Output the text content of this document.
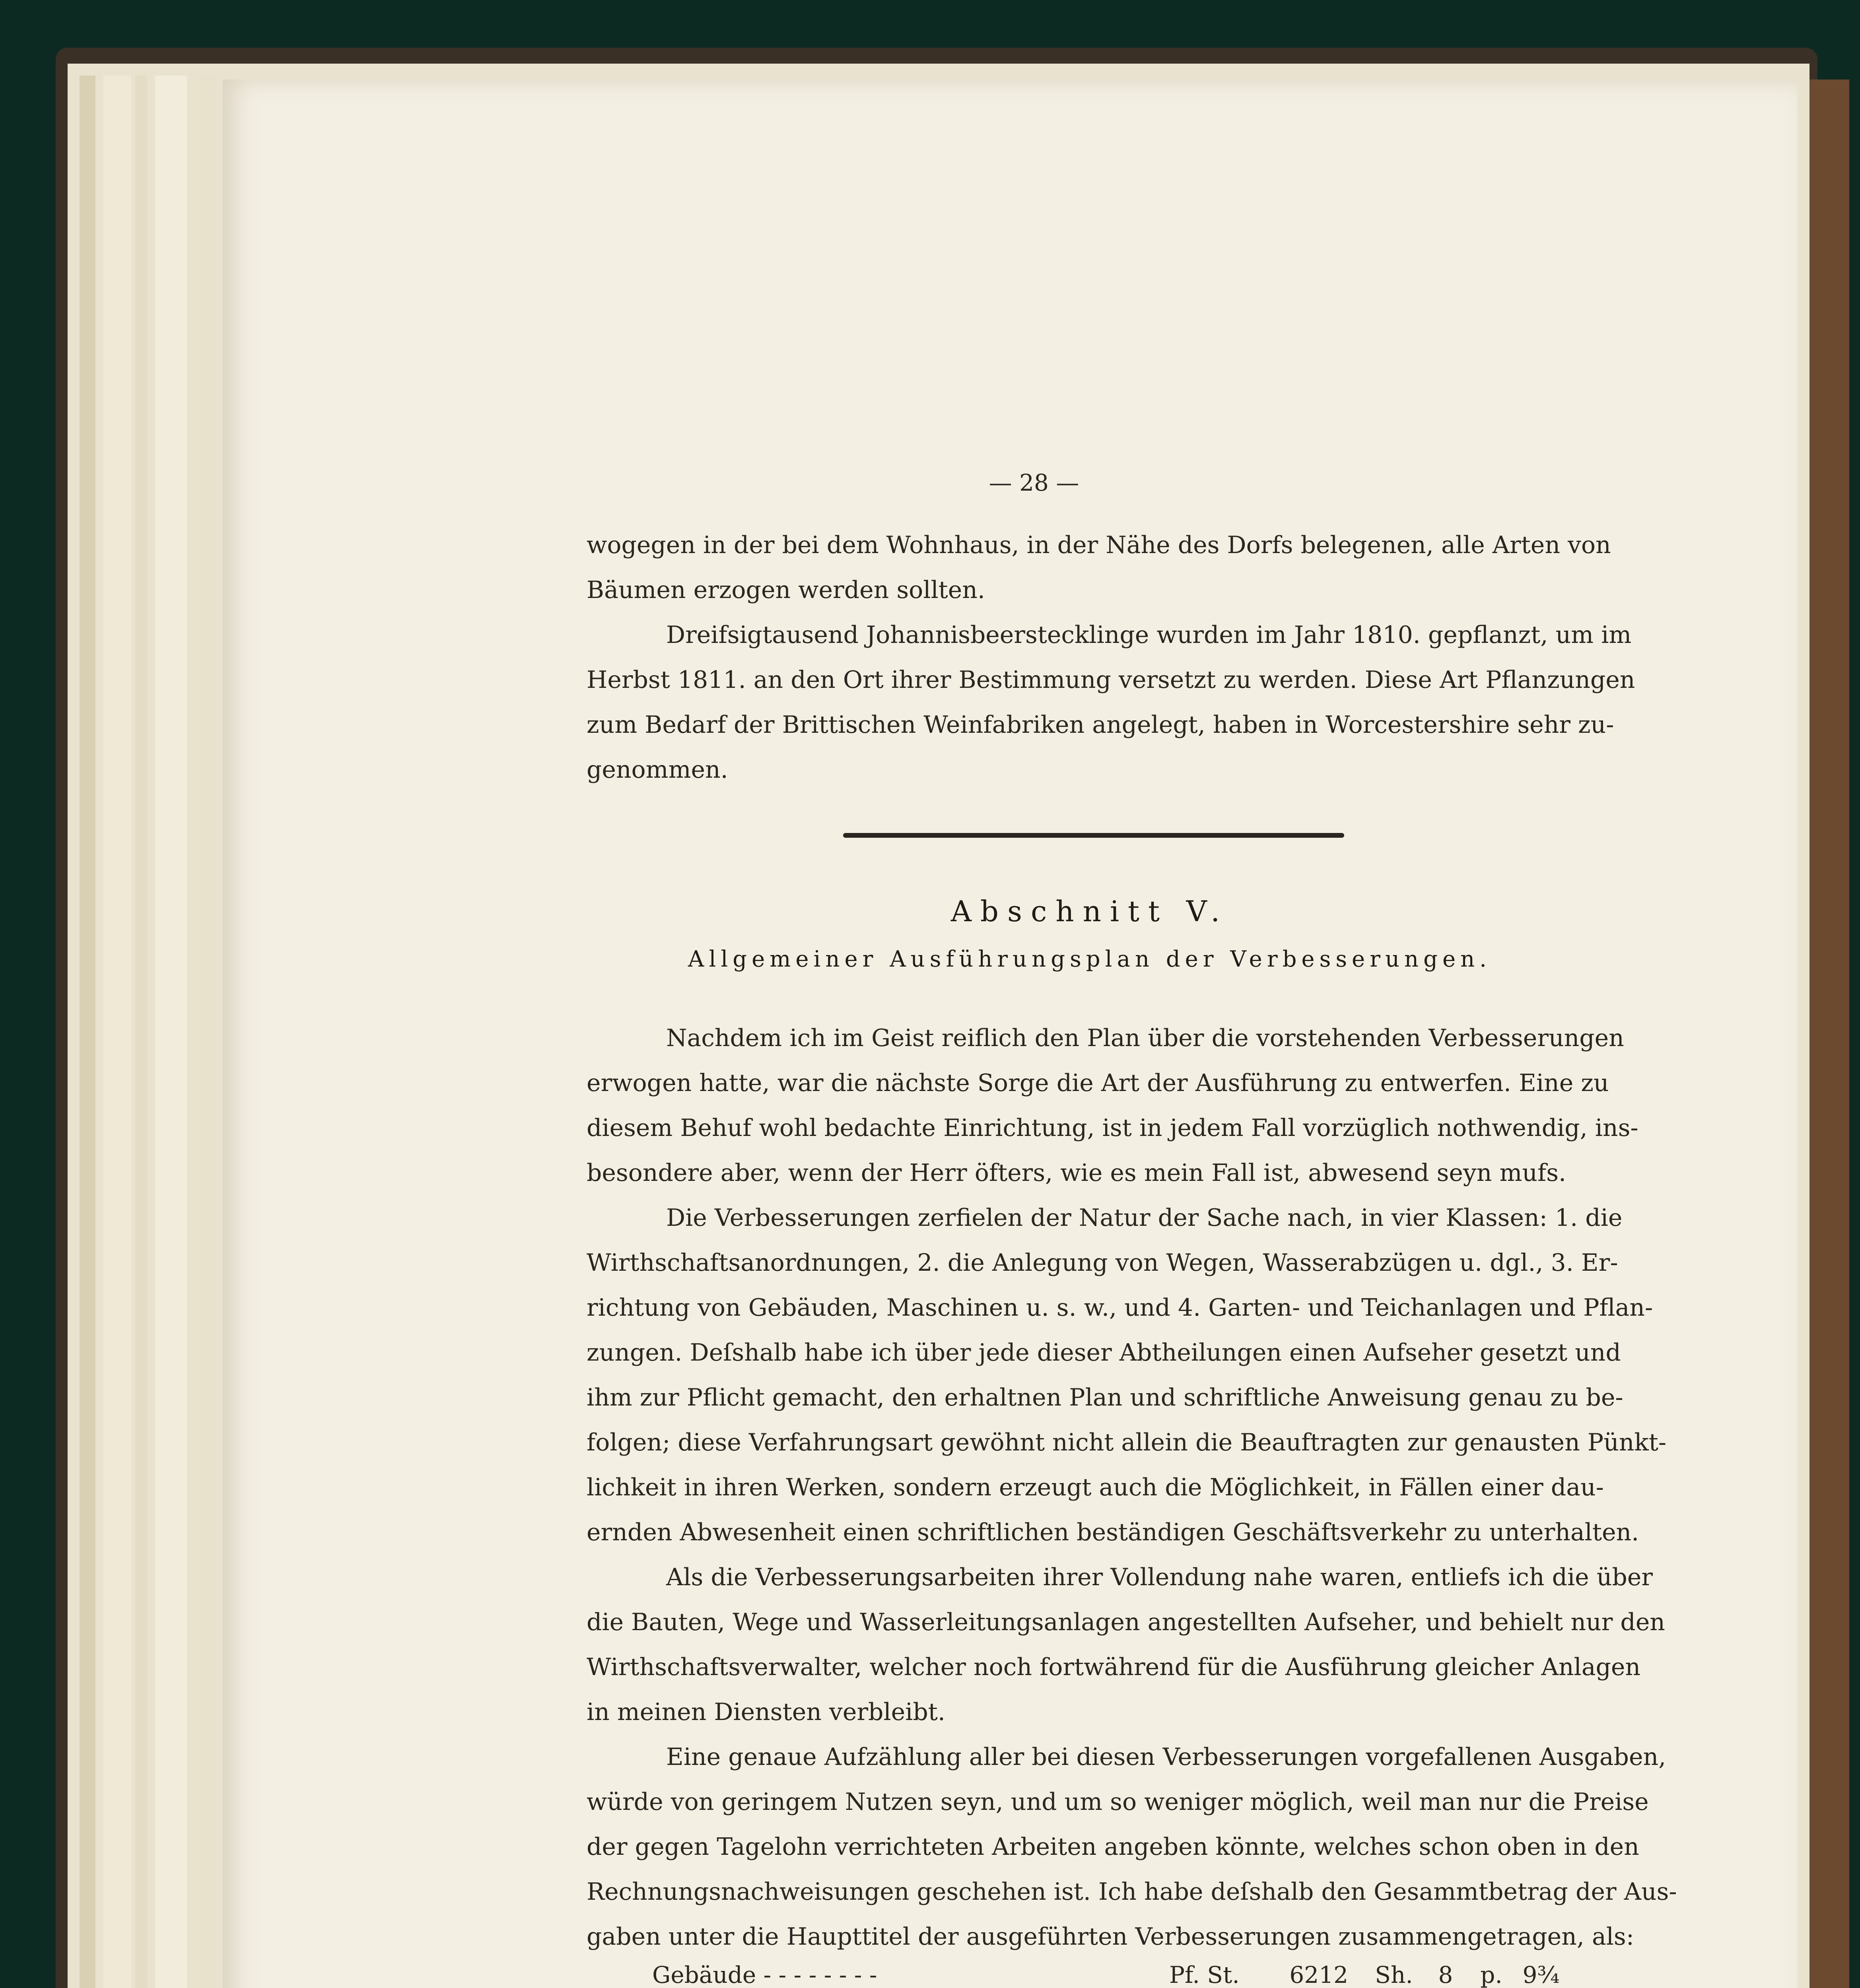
— 28 —

wogegen in der bei dem Wohnhaus, in der Nähe des Dorfs belegenen, alle Arten von

Bäumen erzogen werden sollten.

Dreifsigtausend Johannisbeerstecklinge wurden im Jahr 1810. gepflanzt, um im

Herbst 1811. an den Ort ihrer Bestimmung versetzt zu werden. Diese Art Pflanzungen

zum Bedarf der Brittischen Weinfabriken angelegt, haben in Worcestershire sehr zu-

genommen.

Abschnitt V.
Allgemeiner Ausführungsplan der Verbesserungen.

Nachdem ich im Geist reiflich den Plan über die vorstehenden Verbesserungen

erwogen hatte, war die nächste Sorge die Art der Ausführung zu entwerfen. Eine zu

diesem Behuf wohl bedachte Einrichtung, ist in jedem Fall vorzüglich nothwendig, ins-

besondere aber, wenn der Herr öfters, wie es mein Fall ist, abwesend seyn mufs.

Die Verbesserungen zerfielen der Natur der Sache nach, in vier Klassen: 1. die

Wirthschaftsanordnungen, 2. die Anlegung von Wegen, Wasserabzügen u. dgl., 3. Er-

richtung von Gebäuden, Maschinen u. s. w., und 4. Garten- und Teichanlagen und Pflan-

zungen. Deſshalb habe ich über jede dieser Abtheilungen einen Aufseher gesetzt und

ihm zur Pflicht gemacht, den erhaltnen Plan und schriftliche Anweisung genau zu be-

folgen; diese Verfahrungsart gewöhnt nicht allein die Beauftragten zur genausten Pünkt-

lichkeit in ihren Werken, sondern erzeugt auch die Möglichkeit, in Fällen einer dau-

ernden Abwesenheit einen schriftlichen beständigen Geschäftsverkehr zu unterhalten.

Als die Verbesserungsarbeiten ihrer Vollendung nahe waren, entliefs ich die über

die Bauten, Wege und Wasserleitungsanlagen angestellten Aufseher, und behielt nur den

Wirthschaftsverwalter, welcher noch fortwährend für die Ausführung gleicher Anlagen

in meinen Diensten verbleibt.

Eine genaue Aufzählung aller bei diesen Verbesserungen vorgefallenen Ausgaben,

würde von geringem Nutzen seyn, und um so weniger möglich, weil man nur die Preise

der gegen Tagelohn verrichteten Arbeiten angeben könnte, welches schon oben in den

Rechnungsnachweisungen geschehen ist. Ich habe deſshalb den Gesammtbetrag der Aus-

gaben unter die Haupttitel der ausgeführten Verbesserungen zusammengetragen, als:

Gebäude - - - - - - - -	Pf. St.	6212	Sh.	8	p.	9¾
